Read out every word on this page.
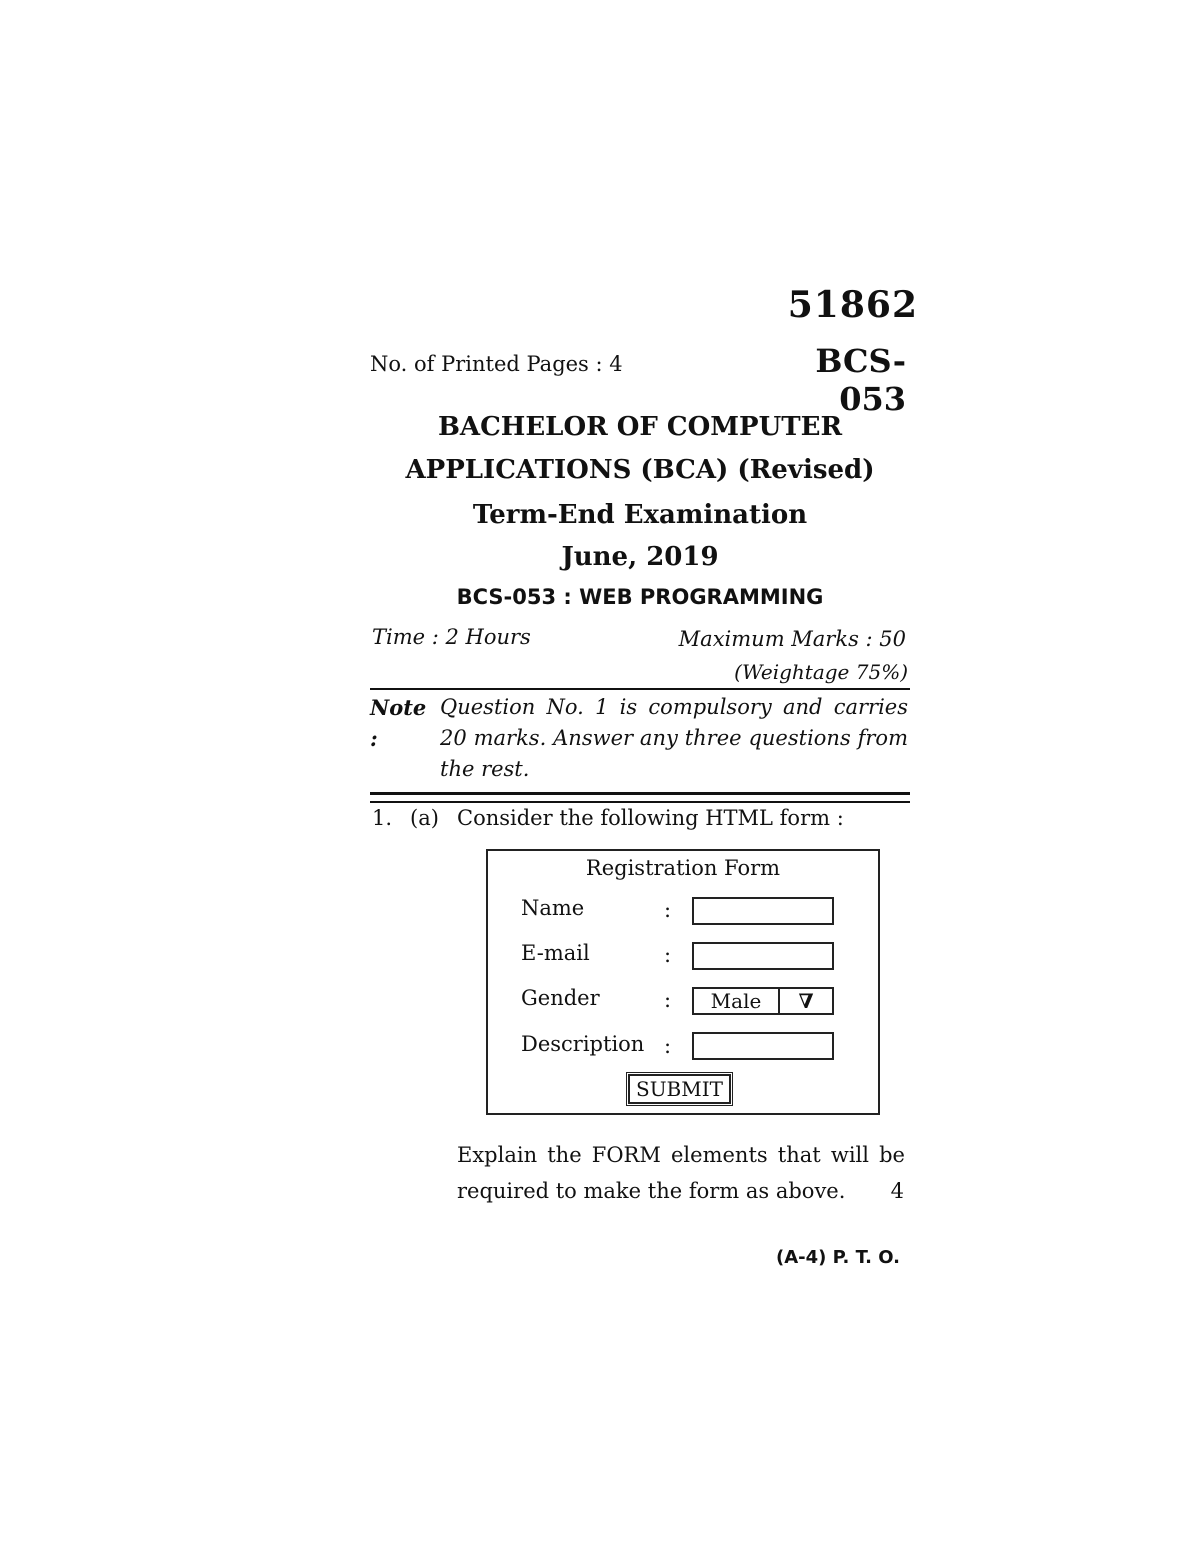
51862
No. of Printed Pages : 4	BCS-053
BACHELOR OF COMPUTER
APPLICATIONS (BCA) (Revised)
Term-End Examination
June, 2019
BCS-053 : WEB PROGRAMMING
Time : 2 Hours	Maximum Marks : 50
(Weightage 75%)
Note :Question No. 1 is compulsory and carries 20 marks. Answer any three questions from the rest.
1. (a) Consider the following HTML form :
Registration Form
Name	:
E-mail	:
Gender	:	Male	∇
Description :
SUBMIT
Explain the FORM elements that will be required to make the form as above.	4
(A-4) P. T. O.
